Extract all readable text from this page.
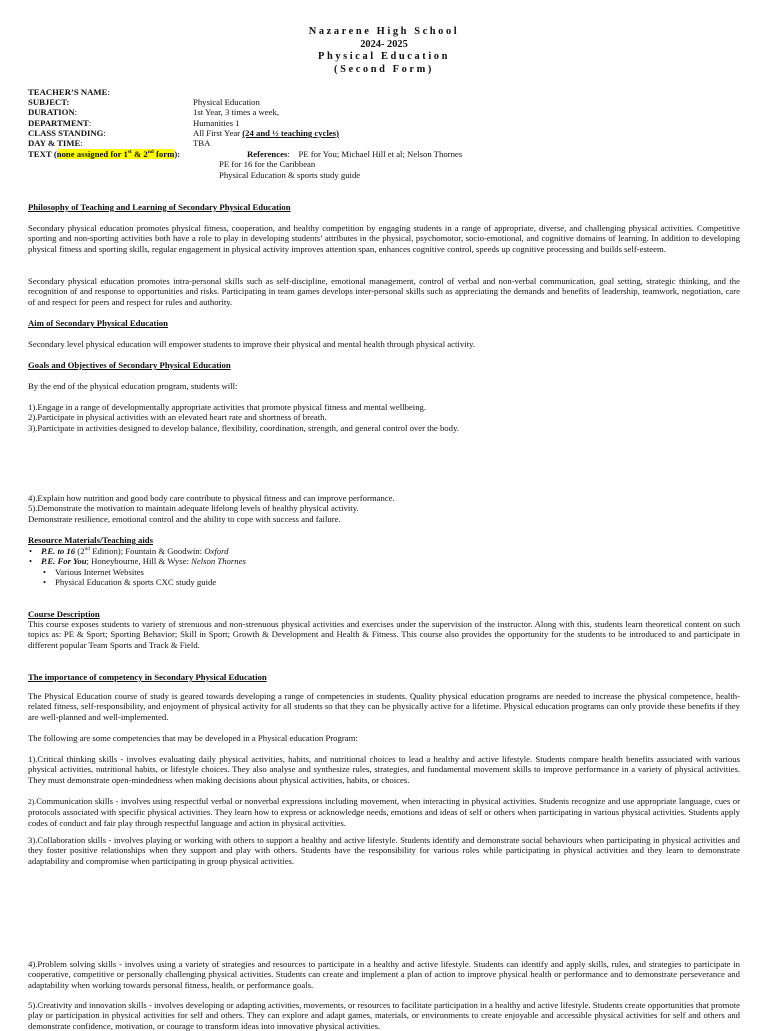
Nazarene High School
2024- 2025
Physical Education
(Second Form)
TEACHER’S NAME:
SUBJECT:	Physical Education
DURATION:	1st Year, 3 times a week,
DEPARTMENT:	Humanities 1
CLASS STANDING:	All First Year (24 and ½ teaching cycles)
DAY & TIME:	TBA
TEXT (none assigned for 1st & 2nd form):	References:    PE for You; Michael Hill et al; Nelson Thornes
PE for 16 for the Caribbean
Physical Education & sports study guide
Philosophy of Teaching and Learning of Secondary Physical Education
Secondary physical education promotes physical fitness, cooperation, and healthy competition by engaging students in a range of appropriate, diverse, and challenging physical activities. Competitive sporting and non-sporting activities both have a role to play in developing students’ attributes in the physical, psychomotor, socio-emotional, and cognitive domains of learning. In addition to developing physical fitness and sporting skills, regular engagement in physical activity improves attention span, enhances cognitive control, speeds up cognitive processing and builds self-esteem.
Secondary physical education promotes intra-personal skills such as self-discipline, emotional management, control of verbal and non-verbal communication, goal setting, strategic thinking, and the recognition of and response to opportunities and risks. Participating in team games develops inter-personal skills such as appreciating the demands and benefits of leadership, teamwork, negotiation, care of and respect for peers and respect for rules and authority.
Aim of Secondary Physical Education
Secondary level physical education will empower students to improve their physical and mental health through physical activity.
Goals and Objectives of Secondary Physical Education
By the end of the physical education program, students will:
1).Engage in a range of developmentally appropriate activities that promote physical fitness and mental wellbeing.
2).Participate in physical activities with an elevated heart rate and shortness of breath.
3).Participate in activities designed to develop balance, flexibility, coordination, strength, and general control over the body.
4).Explain how nutrition and good body care contribute to physical fitness and can improve performance.
5).Demonstrate the motivation to maintain adequate lifelong levels of healthy physical activity.
Demonstrate resilience, emotional control and the ability to cope with success and failure.
Resource Materials/Teaching aids
• P.E. to 16 (2nd Edition); Fountain & Goodwin: Oxford
• P.E. For You; Honeybourne, Hill & Wyse: Nelson Thornes
• Various Internet Websites
• Physical Education & sports CXC study guide
Course Description
This course exposes students to variety of strenuous and non-strenuous physical activities and exercises under the supervision of the instructor. Along with this, students learn theoretical content on such topics as: PE & Sport; Sporting Behavior; Skill in Sport; Growth & Development and Health & Fitness. This course also provides the opportunity for the students to be introduced to and participate in different popular Team Sports and Track & Field.
The importance of competency in Secondary Physical Education
The Physical Education course of study is geared towards developing a range of competencies in students. Quality physical education programs are needed to increase the physical competence, health-related fitness, self-responsibility, and enjoyment of physical activity for all students so that they can be physically active for a lifetime. Physical education programs can only provide these benefits if they are well-planned and well-implemented.
The following are some competencies that may be developed in a Physical education Program:
1).Critical thinking skills - involves evaluating daily physical activities, habits, and nutritional choices to lead a healthy and active lifestyle. Students compare health benefits associated with various physical activities, nutritional habits, or lifestyle choices. They also analyse and synthesize rules, strategies, and fundamental movement skills to improve performance in a variety of physical activities. They must demonstrate open-mindedness when making decisions about physical activities, habits, or choices.
2).Communication skills - involves using respectful verbal or nonverbal expressions including movement, when interacting in physical activities. Students recognize and use appropriate language, cues or protocols associated with specific physical activities. They learn how to express or acknowledge needs, emotions and ideas of self or others when participating in various physical activities. Students apply codes of conduct and fair play through respectful language and action in physical activities.
3).Collaboration skills - involves playing or working with others to support a healthy and active lifestyle. Students identify and demonstrate social behaviours when participating in physical activities and they foster positive relationships when they support and play with others. Students have the responsibility for various roles while participating in physical activities and they learn to demonstrate adaptability and compromise when participating in group physical activities.
4).Problem solving skills - involves using a variety of strategies and resources to participate in a healthy and active lifestyle. Students can identify and apply skills, rules, and strategies to participate in cooperative, competitive or personally challenging physical activities. Students can create and implement a plan of action to improve physical health or performance and to demonstrate perseverance and adaptability when working towards personal fitness, health, or performance goals.
5).Creativity and innovation skills - involves developing or adapting activities, movements, or resources to facilitate participation in a healthy and active lifestyle. Students create opportunities that promote play or participation in physical activities for self and others. They can explore and adapt games, materials, or environments to create enjoyable and accessible physical activities for self and others and demonstrate confidence, motivation, or courage to transform ideas into innovative physical activities.
